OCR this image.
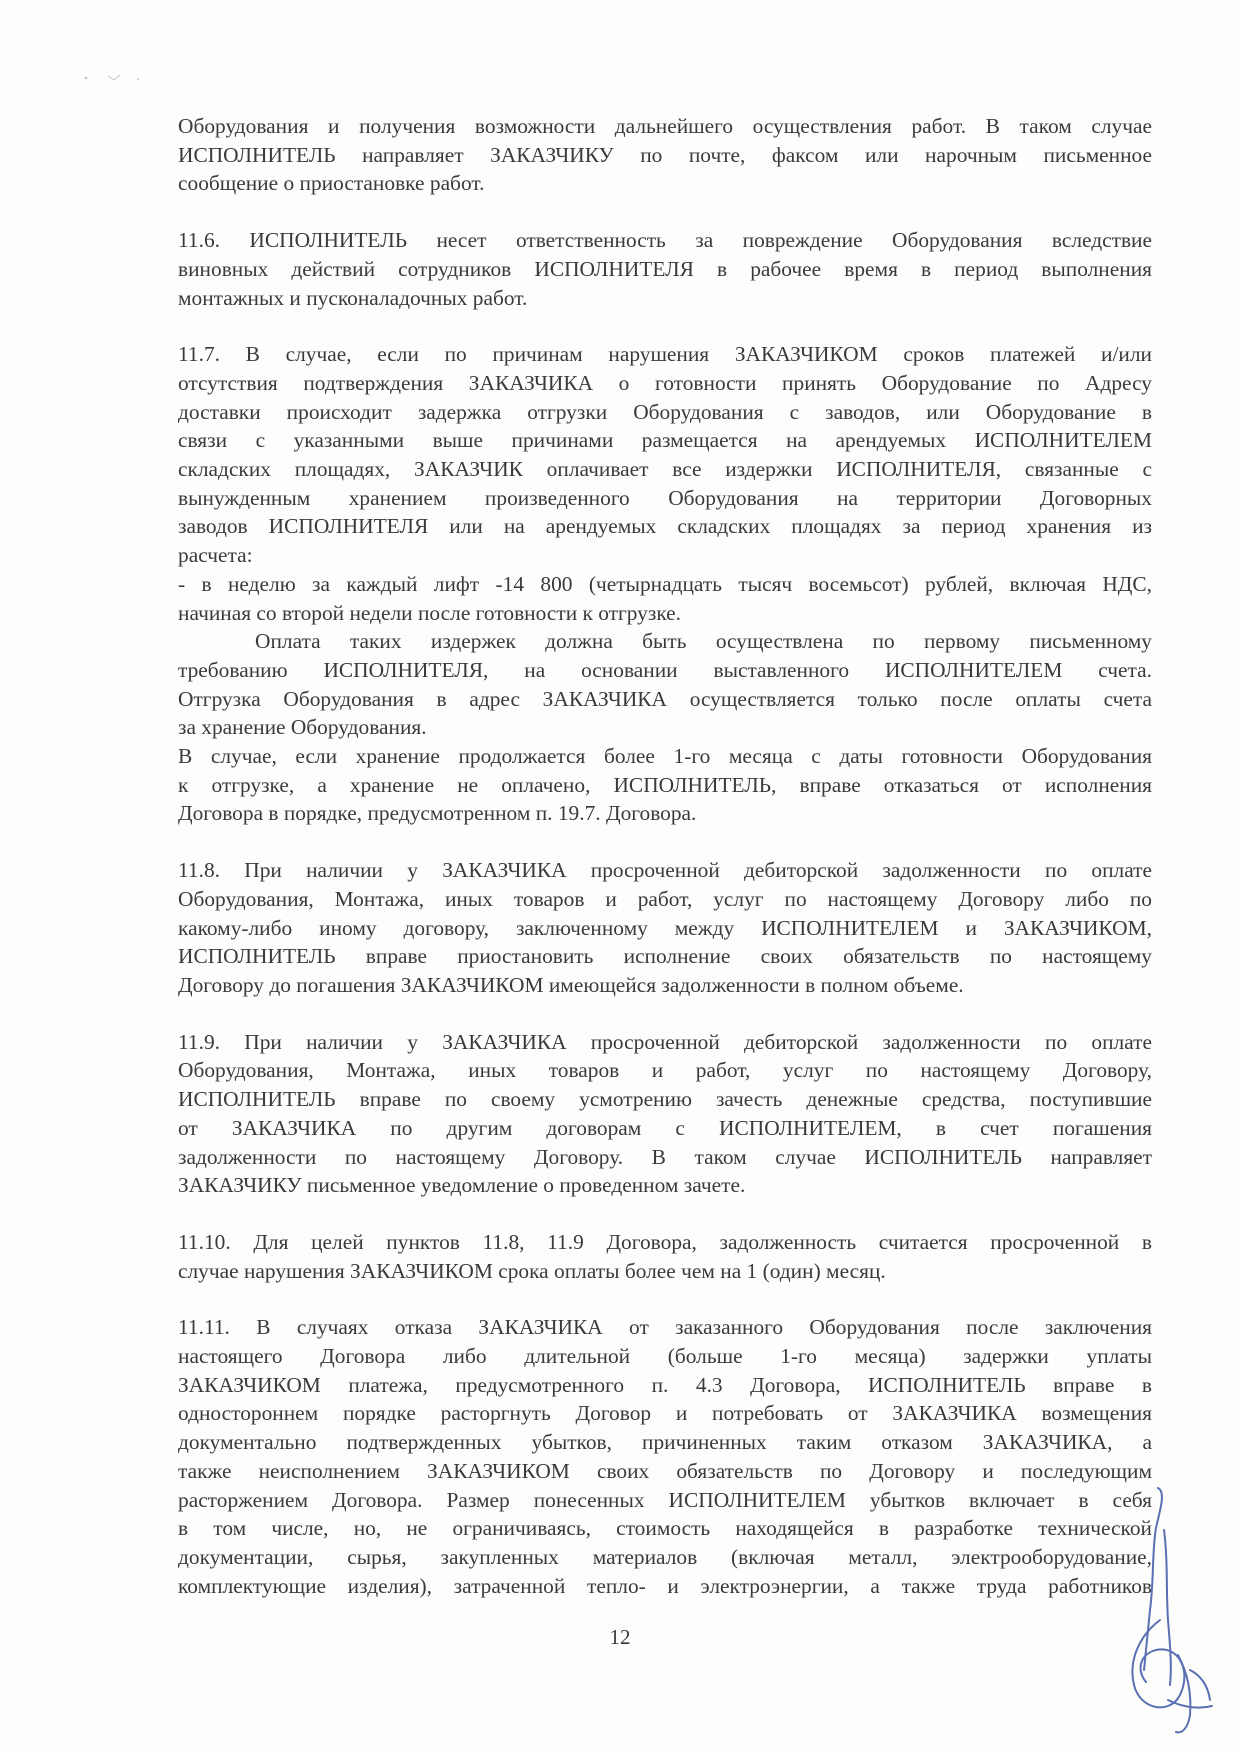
Оборудования и получения возможности дальнейшего осуществления работ. В таком случае
ИСПОЛНИТЕЛЬ направляет ЗАКАЗЧИКУ по почте, факсом или нарочным письменное
сообщение о приостановке работ.
11.6. ИСПОЛНИТЕЛЬ несет ответственность за повреждение Оборудования вследствие
виновных действий сотрудников ИСПОЛНИТЕЛЯ в рабочее время в период выполнения
монтажных и пусконаладочных работ.
11.7. В случае, если по причинам нарушения ЗАКАЗЧИКОМ сроков платежей и/или
отсутствия подтверждения ЗАКАЗЧИКА о готовности принять Оборудование по Адресу
доставки происходит задержка отгрузки Оборудования с заводов, или Оборудование в
связи с указанными выше причинами размещается на арендуемых ИСПОЛНИТЕЛЕМ
складских площадях, ЗАКАЗЧИК оплачивает все издержки ИСПОЛНИТЕЛЯ, связанные с
вынужденным хранением произведенного Оборудования на территории Договорных
заводов ИСПОЛНИТЕЛЯ или на арендуемых складских площадях за период хранения из
расчета:
- в неделю за каждый лифт -14 800 (четырнадцать тысяч восемьсот) рублей, включая НДС,
начиная со второй недели после готовности к отгрузке.
Оплата таких издержек должна быть осуществлена по первому письменному
требованию ИСПОЛНИТЕЛЯ, на основании выставленного ИСПОЛНИТЕЛЕМ счета.
Отгрузка Оборудования в адрес ЗАКАЗЧИКА осуществляется только после оплаты счета
за хранение Оборудования.
В случае, если хранение продолжается более 1-го месяца с даты готовности Оборудования
к отгрузке, а хранение не оплачено, ИСПОЛНИТЕЛЬ, вправе отказаться от исполнения
Договора в порядке, предусмотренном п. 19.7. Договора.
11.8. При наличии у ЗАКАЗЧИКА просроченной дебиторской задолженности по оплате
Оборудования, Монтажа, иных товаров и работ, услуг по настоящему Договору либо по
какому-либо иному договору, заключенному между ИСПОЛНИТЕЛЕМ и ЗАКАЗЧИКОМ,
ИСПОЛНИТЕЛЬ вправе приостановить исполнение своих обязательств по настоящему
Договору до погашения ЗАКАЗЧИКОМ имеющейся задолженности в полном объеме.
11.9. При наличии у ЗАКАЗЧИКА просроченной дебиторской задолженности по оплате
Оборудования, Монтажа, иных товаров и работ, услуг по настоящему Договору,
ИСПОЛНИТЕЛЬ вправе по своему усмотрению зачесть денежные средства, поступившие
от ЗАКАЗЧИКА по другим договорам с ИСПОЛНИТЕЛЕМ, в счет погашения
задолженности по настоящему Договору. В таком случае ИСПОЛНИТЕЛЬ направляет
ЗАКАЗЧИКУ письменное уведомление о проведенном зачете.
11.10. Для целей пунктов 11.8, 11.9 Договора, задолженность считается просроченной в
случае нарушения ЗАКАЗЧИКОМ срока оплаты более чем на 1 (один) месяц.
11.11. В случаях отказа ЗАКАЗЧИКА от заказанного Оборудования после заключения
настоящего Договора либо длительной (больше 1-го месяца) задержки уплаты
ЗАКАЗЧИКОМ платежа, предусмотренного п. 4.3 Договора, ИСПОЛНИТЕЛЬ вправе в
одностороннем порядке расторгнуть Договор и потребовать от ЗАКАЗЧИКА возмещения
документально подтвержденных убытков, причиненных таким отказом ЗАКАЗЧИКА, а
также неисполнением ЗАКАЗЧИКОМ своих обязательств по Договору и последующим
расторжением Договора. Размер понесенных ИСПОЛНИТЕЛЕМ убытков включает в себя
в том числе, но, не ограничиваясь, стоимость находящейся в разработке технической
документации, сырья, закупленных материалов (включая металл, электрооборудование,
комплектующие изделия), затраченной тепло- и электроэнергии, а также труда работников
12
